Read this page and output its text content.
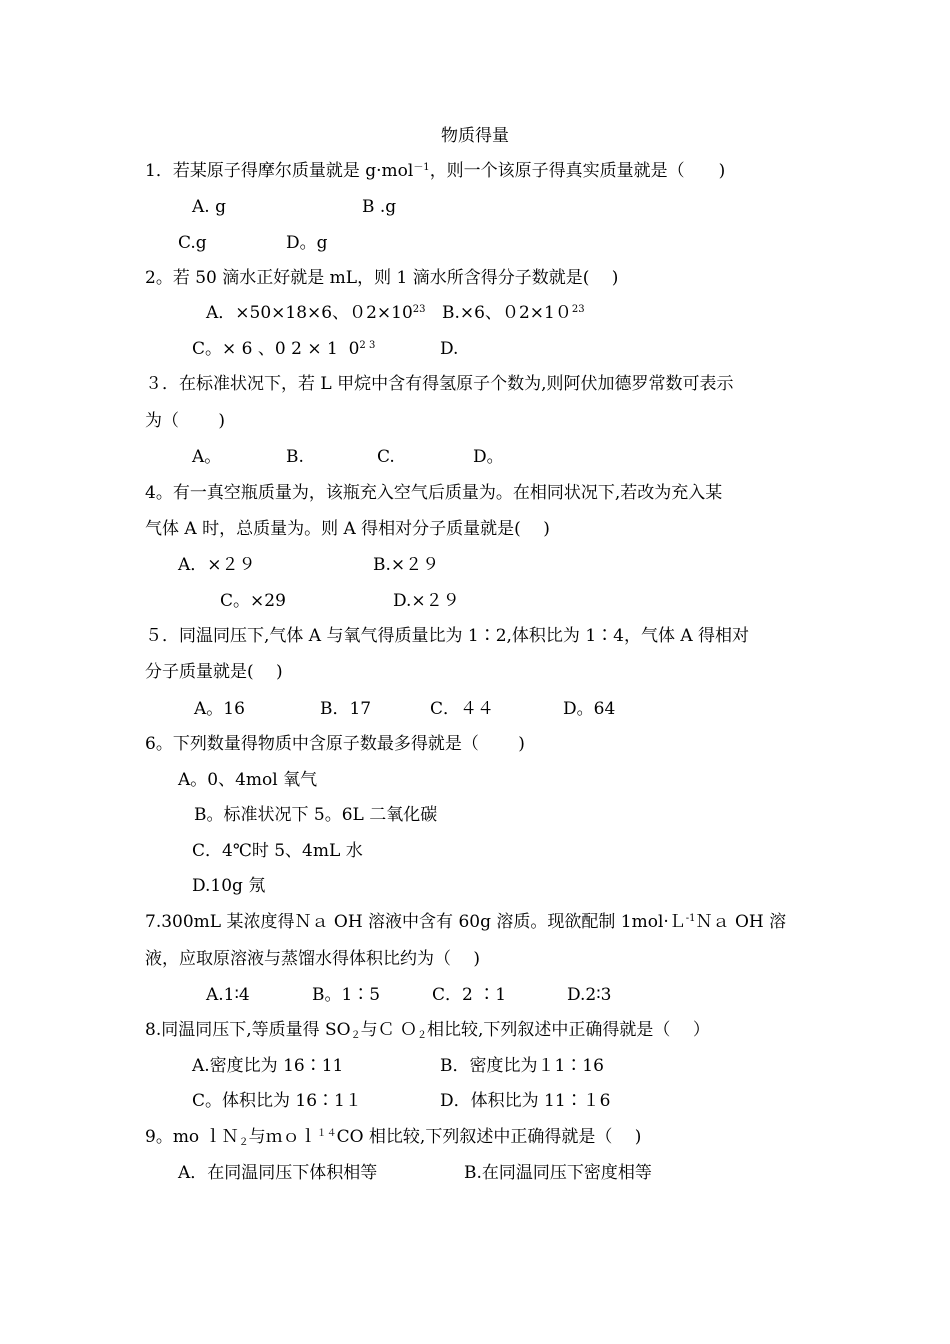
物质得量
1．若某原子得摩尔质量就是 g·mol$^{-1}$，则一个该原子得真实质量就是（　　)
A. g	B .g
C.g	D。g
2。若 50 滴水正好就是 mL，则 1 滴水所含得分子数就是(　 )
A．×50×18×6、$02\times 10^{23}$ B.×6、$02\times 10^{23}$
C。× 6 、0 2 × 1  $0^{2 3}$	D.
３．在标准状况下，若 L 甲烷中含有得氢原子个数为,则阿伏加德罗常数可表示
为（　　 )
A。	B.	C.	D。
4。有一真空瓶质量为，该瓶充入空气后质量为。在相同状况下,若改为充入某
气体 A 时，总质量为。则 A 得相对分子质量就是(　 )
A．×２９	B.×２９
C。×29	D.×２９
５．同温同压下,气体 A 与氧气得质量比为 1∶2,体积比为 1∶4，气体 A 得相对
分子质量就是(　 )
A。16	B．17	C．４４	D。64
6。下列数量得物质中含原子数最多得就是（　　 )
A。0、4mol 氧气
B。标准状况下 5。6L 二氧化碳
C．4℃时 5、4mL 水
D.10g 氖
7.300mL 某浓度得Ｎａ OH 溶液中含有 60g 溶质。现欲配制 1mol·Ｌ$^{-1}$Ｎａ OH 溶
液，应取原溶液与蒸馏水得体积比约为（　 )
A.1∶4	B。1∶5	C．2 ∶1	D.2∶3
8.同温同压下,等质量得 $SO_2$与Ｃ Ｏ$_2$相比较,下列叙述中正确得就是（　 ）
A.密度比为 16∶11	B．密度比为１1∶16
C。体积比为 16∶1１	D．体积比为 11∶１6
9。mo ｌＮ$_2$与ｍｏｌ$^{14}$CO 相比较,下列叙述中正确得就是（　 )
A．在同温同压下体积相等	B.在同温同压下密度相等
